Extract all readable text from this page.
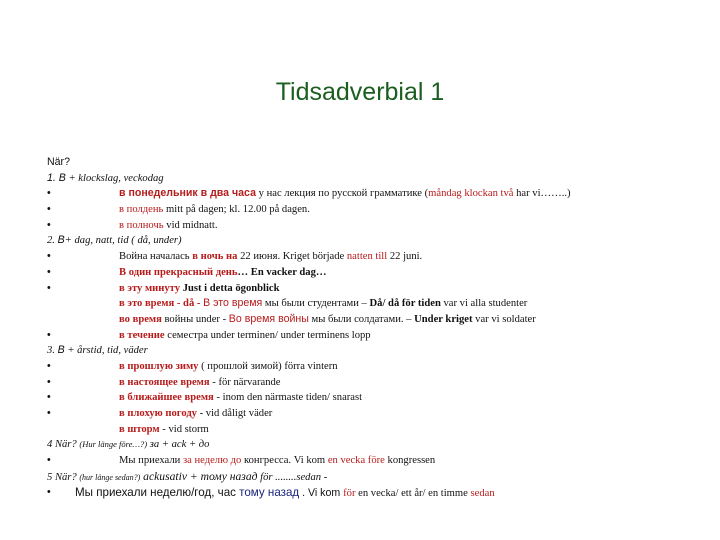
Tidsadverbial 1
När?
1. В + klockslag, veckodag
•	в понедельник в два часа у нас лекция по русской грамматике (måndag klockan två har vi……..)
•	в полдень mitt på dagen; kl. 12.00 på dagen.
•	в полночь vid midnatt.
2. В+ dag, natt, tid ( då, under)
•	Война началась в ночь на 22 июня. Kriget började natten till 22 juni.
•	В один прекрасный день… En vacker dag…
•	в эту минуту Just i detta ögonblick
в это время - då - В это время мы были студентами – Då/ då för tiden var vi alla studenter
во время войны under - Во время войны мы были солдатами. – Under kriget var vi soldater
•	в течение семестра under terminen/ under terminens lopp
3. В + årstid, tid, väder
•	в прошлую зиму ( прошлой зимой) förra vintern
•	в настоящее время - för närvarande
•	в ближайшее время - inom den närmaste tiden/ snarast
•	в плохую погоду - vid dåligt väder
в шторм - vid storm
4 När? (Hur länge före…?) за + ack + до
•	Мы приехали за неделю до конгресса. Vi kom en vecka före kongressen
5 När? (hur länge sedan?) ackusativ + тому назад för ........sedan -
• Мы приехали неделю/год, час тому назад . Vi kom för en vecka/ ett år/ en timme sedan
